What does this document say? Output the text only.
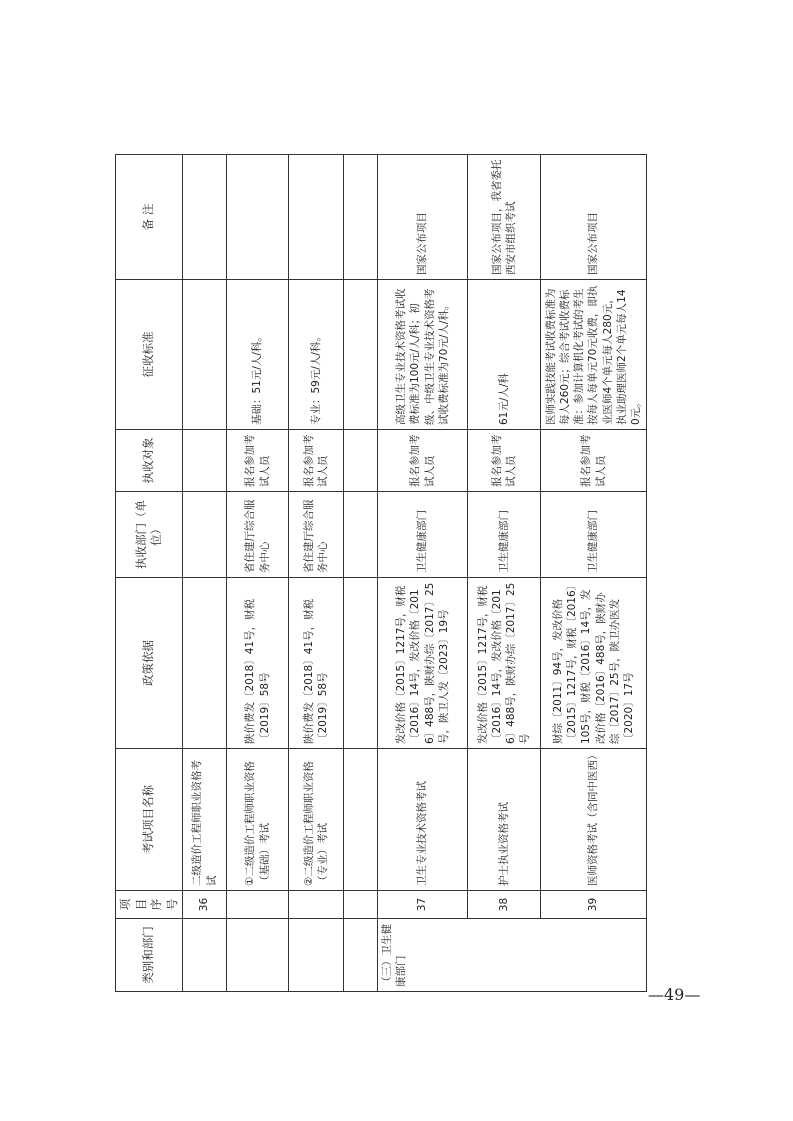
类别和部门	项目序号	考试项目名称	政策依据	执收部门（单位）	执收对象	征收标准	备 注
	36	二级造价工程师职业资格考试					
		①二级造价工程师职业资格（基础）考试	陕价费发〔2018〕41号，财税〔2019〕58号	省住建厅综合服务中心	报名参加考试人员	基础：51元/人/科。	
		②二级造价工程师职业资格（专业）考试	陕价费发〔2018〕41号，财税〔2019〕58号	省住建厅综合服务中心	报名参加考试人员	专业：59元/人/科。	

（三）卫生健康部门	37	卫生专业技术资格考试	发改价格〔2015〕1217号，财税〔2016〕14号，发改价格〔2016〕488号，陕财办综〔2017〕25号，陕卫人发〔2023〕19号	卫生健康部门	报名参加考试人员	高级卫生专业技术资格考试收费标准为100元/人/科；初级、中级卫生专业技术资格考试收费标准为70元/人/科。	国家公布项目
	38	护士执业资格考试	发改价格〔2015〕1217号，财税〔2016〕14号，发改价格〔2016〕488号，陕财办综〔2017〕25号	卫生健康部门	报名参加考试人员	61元/人/科	国家公布项目，我省委托西安市组织考试
	39	医师资格考试（含同中医西）	财综〔2011〕94号，发改价格〔2015〕1217号，财税〔2016〕105号，财税〔2016〕14号，发改价格〔2016〕488号，陕财办综〔2017〕25号，陕卫办医发〔2020〕17号	卫生健康部门	报名参加考试人员	医师实践技能考试收费标准为每人260元；综合考试收费标准：参加计算机化考试的考生按每人每单元70元收费，即执业医师4个单元每人280元，执业助理医师2个单元每人140元。	国家公布项目
—49—
